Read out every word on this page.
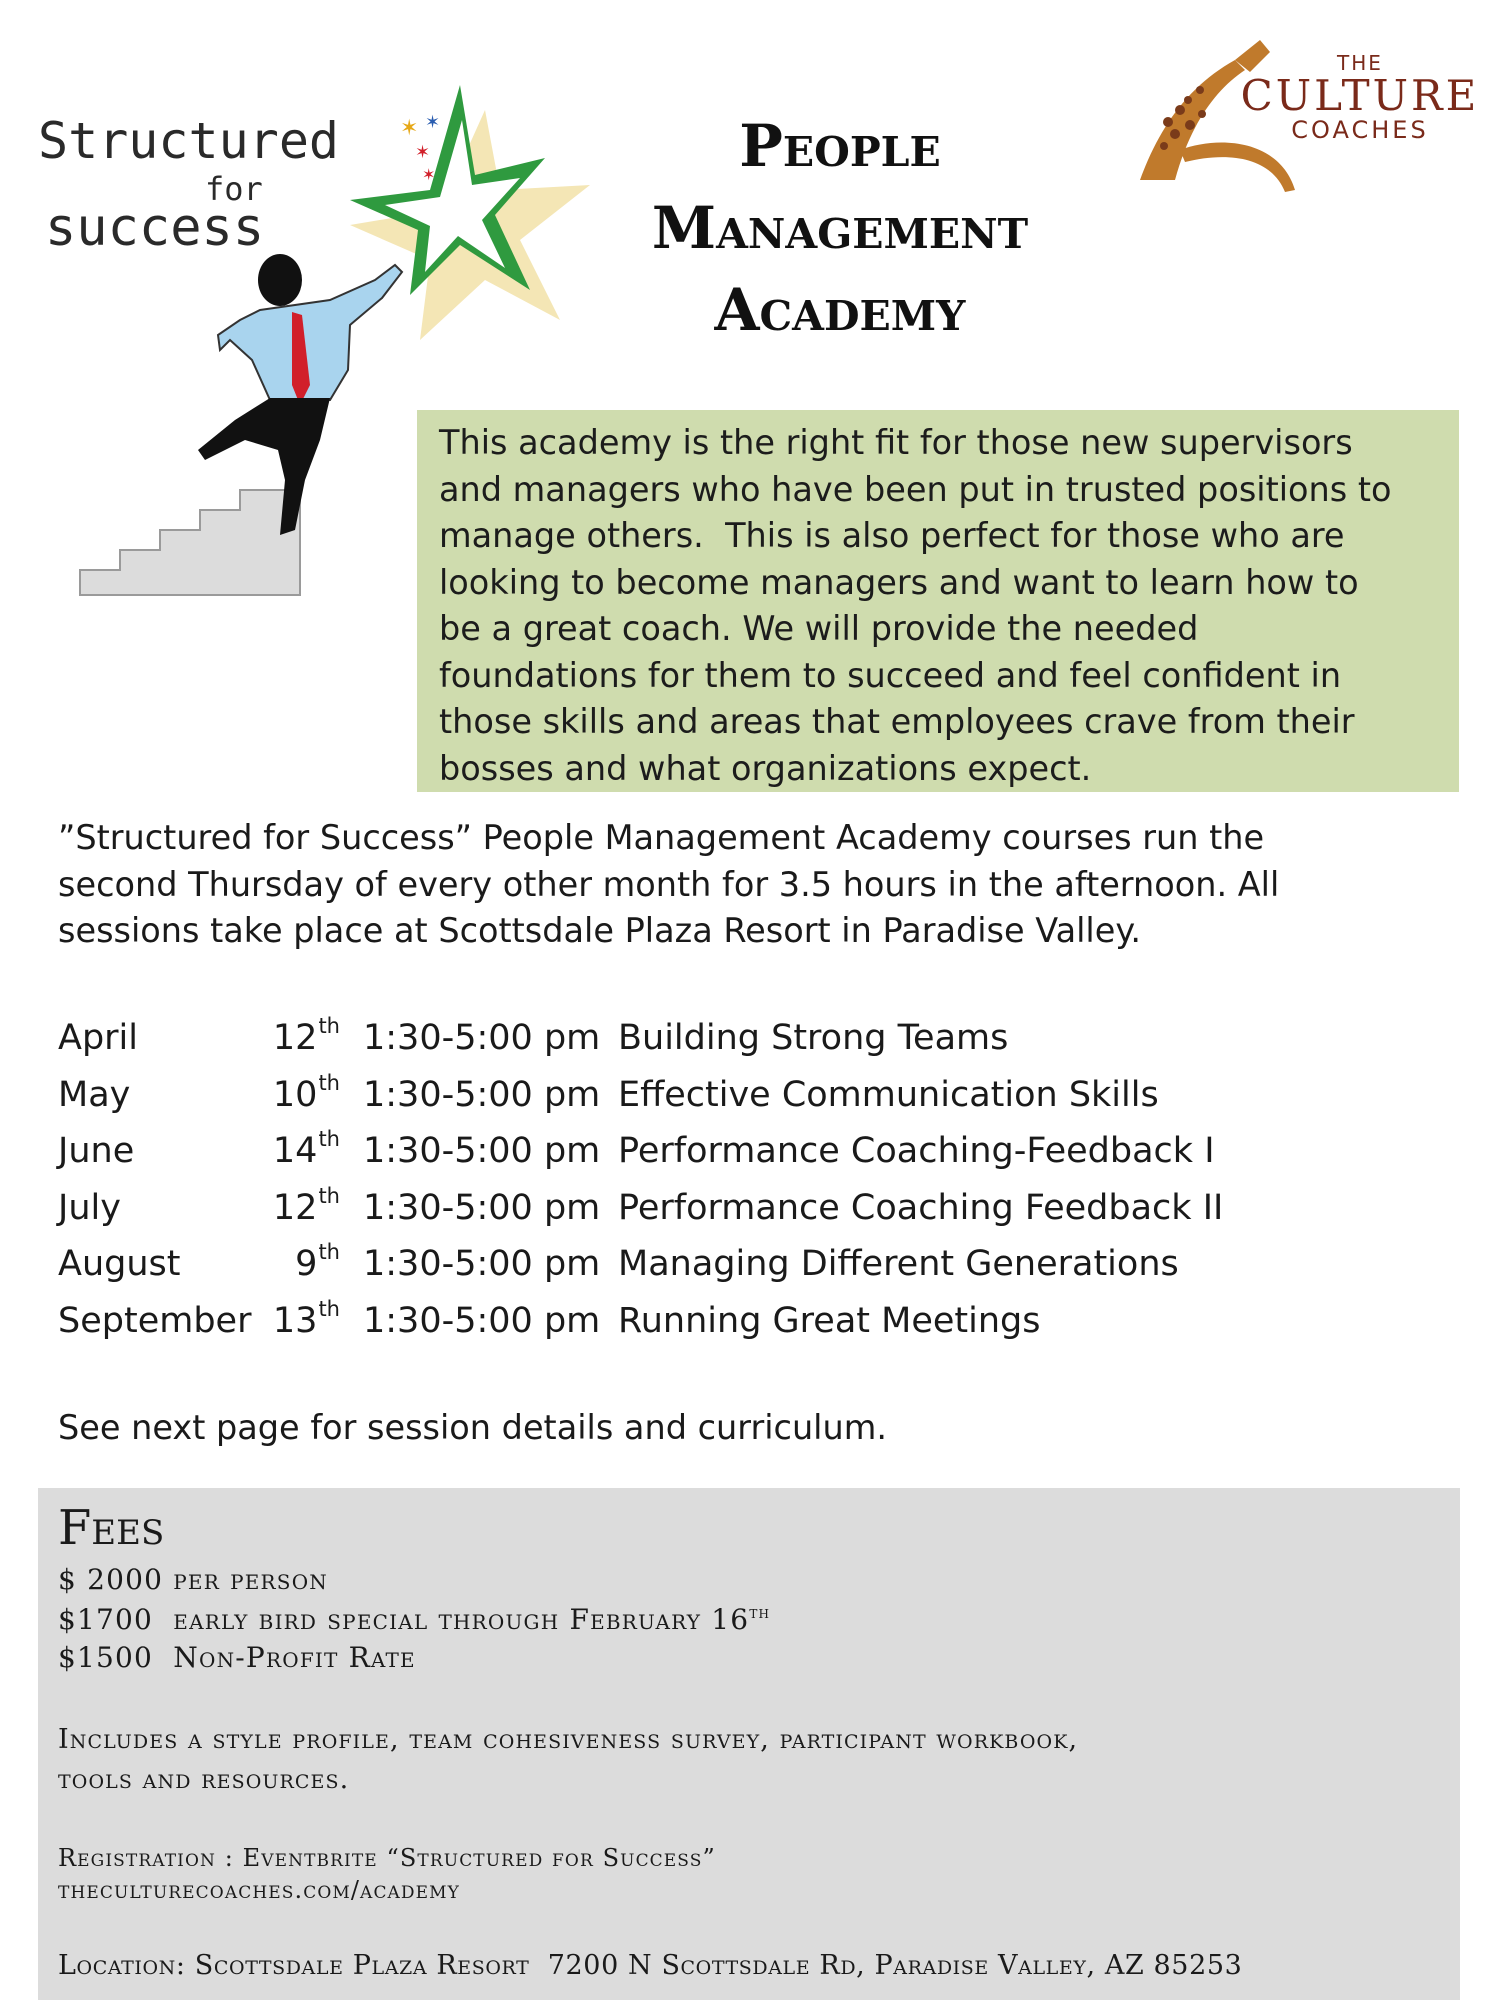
✶ ✶
✶
✶
Structured
for
success
THE
CULTURE
COACHES
People
Management
Academy
This academy is the right fit for those new supervisors
and managers who have been put in trusted positions to
manage others.  This is also perfect for those who are
looking to become managers and want to learn how to
be a great coach. We will provide the needed
foundations for them to succeed and feel confident in
those skills and areas that employees crave from their
bosses and what organizations expect.
”Structured for Success” People Management Academy courses run the
second Thursday of every other month for 3.5 hours in the afternoon. All
sessions take place at Scottsdale Plaza Resort in Paradise Valley.
April	12th 1:30-5:00 pm Building Strong Teams
May	10th 1:30-5:00 pm Effective Communication Skills
June	14th 1:30-5:00 pm Performance Coaching-Feedback I
July	12th 1:30-5:00 pm Performance Coaching Feedback II
August	9th 1:30-5:00 pm Managing Different Generations
September 13th 1:30-5:00 pm Running Great Meetings
See next page for session details and curriculum.
Fees
$ 2000 per person
$1700  early bird special through February 16th
$1500  Non-Profit Rate
Includes a style profile, team cohesiveness survey, participant workbook,
tools and resources.
Registration : Eventbrite “Structured for Success”
theculturecoaches.com/academy
Location: Scottsdale Plaza Resort  7200 N Scottsdale Rd, Paradise Valley, AZ 85253
